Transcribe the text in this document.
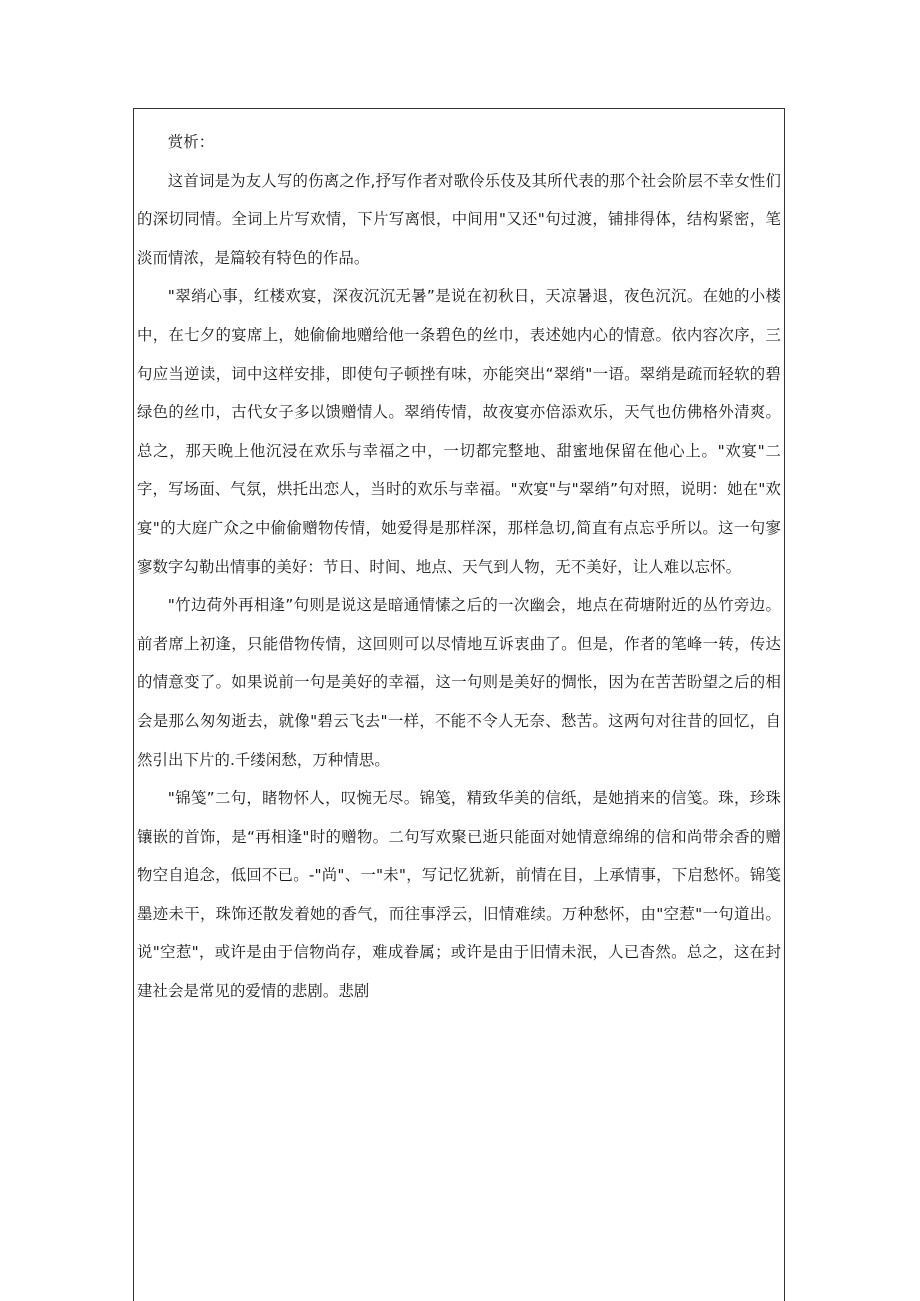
赏析：

这首词是为友人写的伤离之作,抒写作者对歌伶乐伎及其所代表的那个社会阶层不幸女性们的深切同情。全词上片写欢情，下片写离恨，中间用"又还"句过渡，铺排得体，结构紧密，笔淡而情浓，是篇较有特色的作品。

"翠绡心事，红楼欢宴，深夜沉沉无暑”是说在初秋日，天凉暑退，夜色沉沉。在她的小楼中，在七夕的宴席上，她偷偷地赠给他一条碧色的丝巾，表述她内心的情意。依内容次序，三句应当逆读，词中这样安排，即使句子顿挫有味，亦能突出“翠绡"一语。翠绡是疏而轻软的碧绿色的丝巾，古代女子多以馈赠情人。翠绡传情，故夜宴亦倍添欢乐，天气也仿佛格外清爽。总之，那天晚上他沉浸在欢乐与幸福之中，一切都完整地、甜蜜地保留在他心上。"欢宴"二字，写场面、气氛，烘托出恋人，当时的欢乐与幸福。"欢宴"与"翠绡”句对照，说明：她在"欢宴"的大庭广众之中偷偷赠物传情，她爱得是那样深，那样急切,简直有点忘乎所以。这一句寥寥数字勾勒出情事的美好：节日、时间、地点、天气到人物，无不美好，让人难以忘怀。

"竹边荷外再相逢”句则是说这是暗通情愫之后的一次幽会，地点在荷塘附近的丛竹旁边。前者席上初逢，只能借物传情，这回则可以尽情地互诉衷曲了。但是，作者的笔峰一转，传达的情意变了。如果说前一句是美好的幸福，这一句则是美好的惆怅，因为在苦苦盼望之后的相会是那么匆匆逝去，就像"碧云飞去"一样，不能不令人无奈、愁苦。这两句对往昔的回忆，自然引出下片的.千缕闲愁，万种情思。

"锦笺”二句，睹物怀人，叹惋无尽。锦笺，精致华美的信纸，是她捎来的信笺。珠，珍珠镶嵌的首饰，是“再相逢"时的赠物。二句写欢聚已逝只能面对她情意绵绵的信和尚带余香的赠物空自追念，低回不已。-"尚"、一"未"，写记忆犹新，前情在目，上承情事，下启愁怀。锦笺墨迹未干，珠饰还散发着她的香气，而往事浮云，旧情难续。万种愁怀，由"空惹"一句道出。说"空惹"，或许是由于信物尚存，难成眷属；或许是由于旧情未泯，人已杳然。总之，这在封建社会是常见的爱情的悲剧。悲剧
